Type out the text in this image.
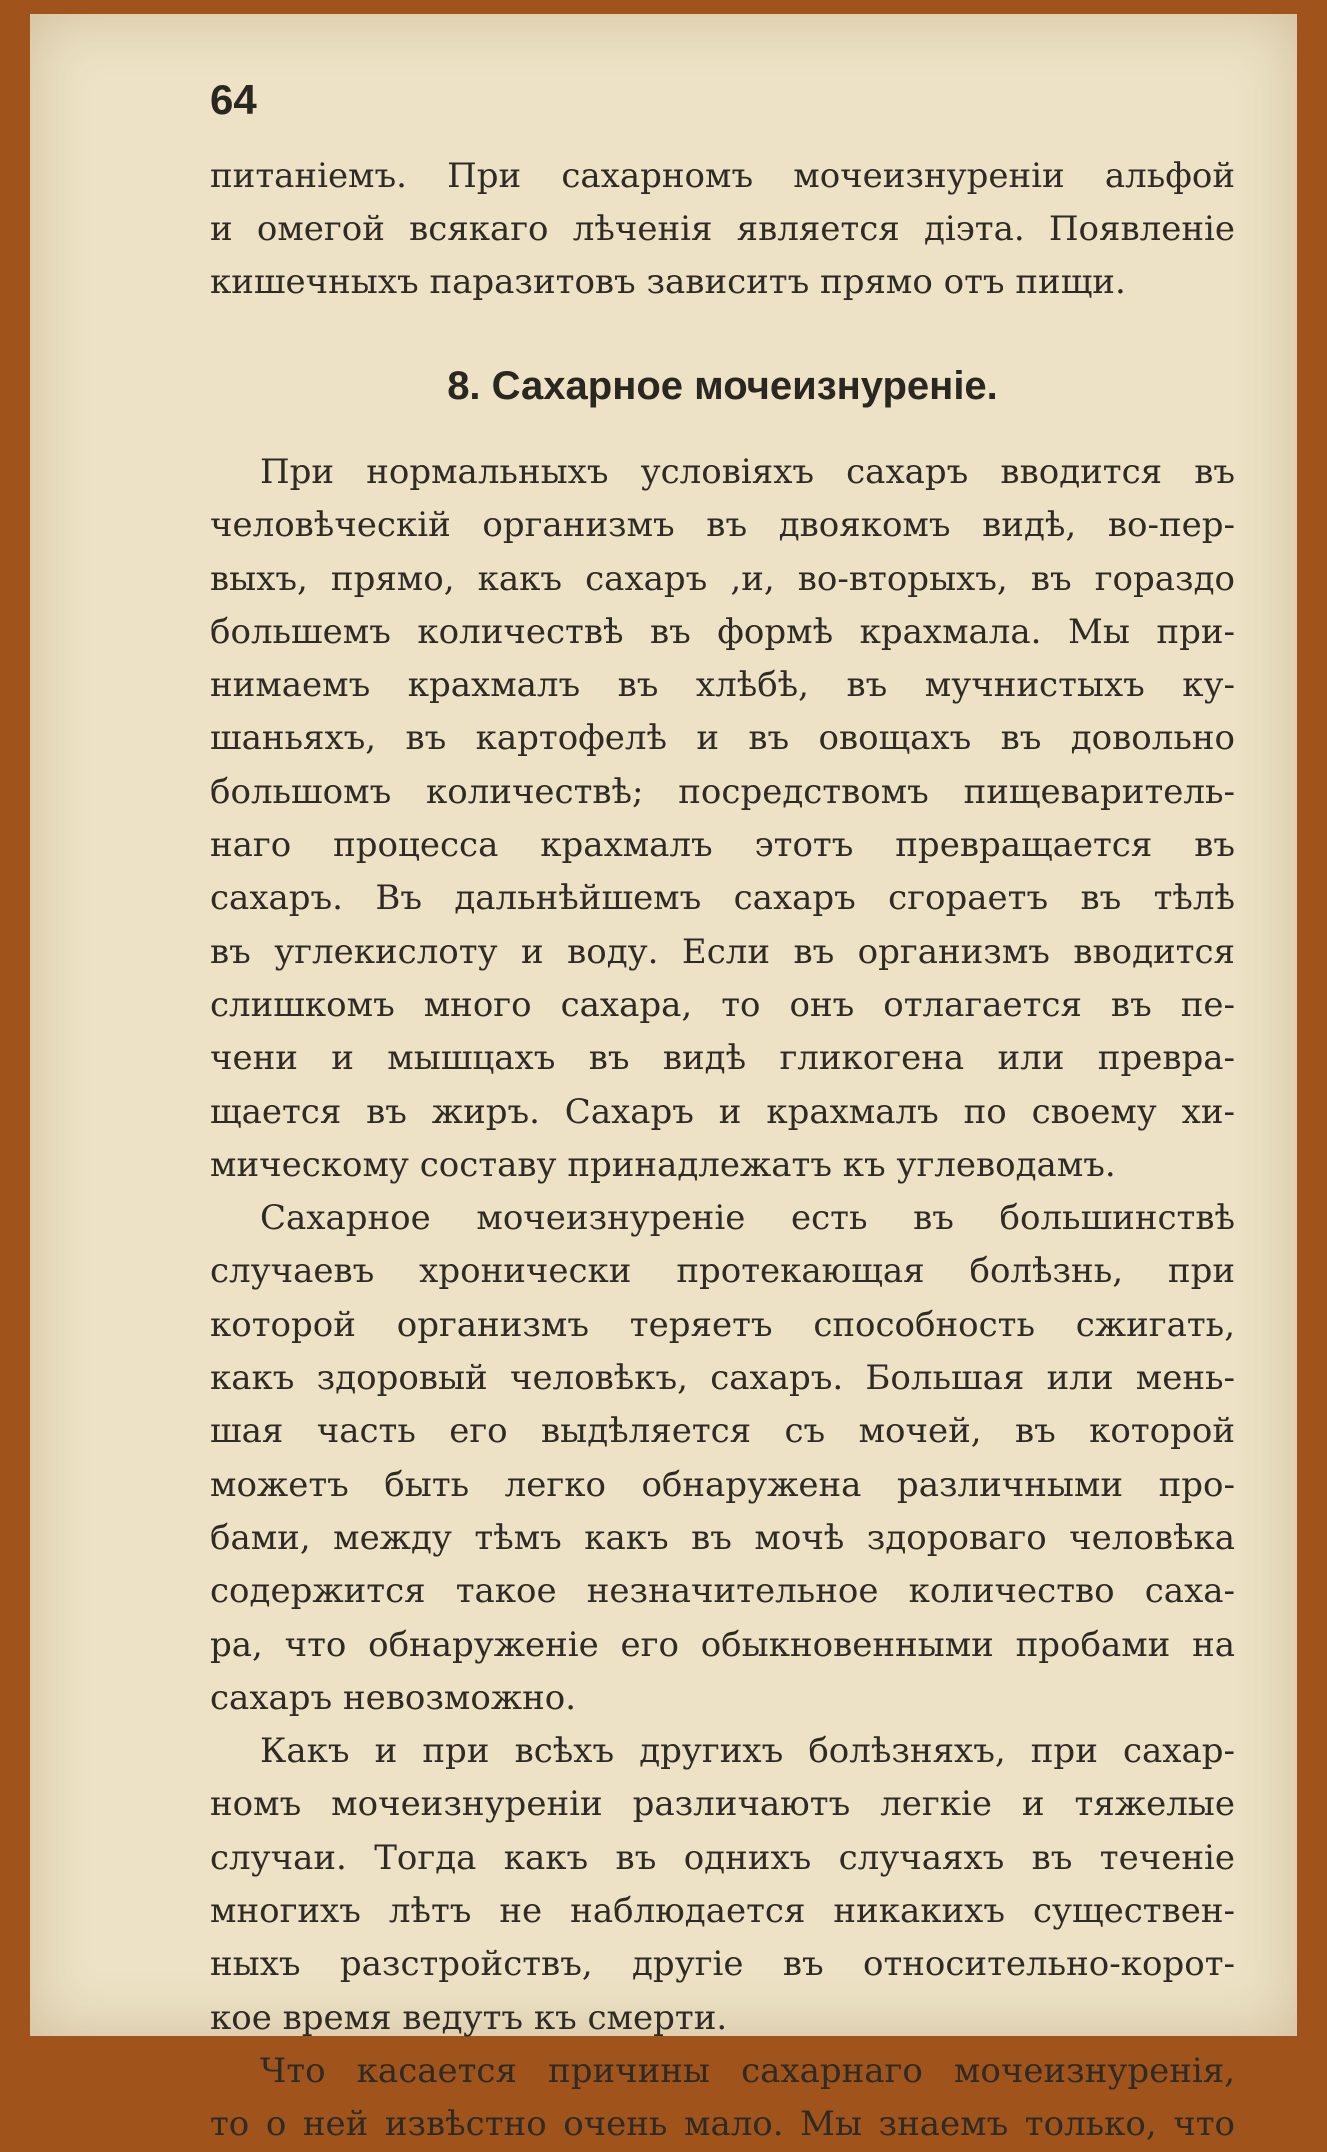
64

питаніемъ. При сахарномъ мочеизнуреніи альфой
и омегой всякаго лѣченія является діэта. Появленіе
кишечныхъ паразитовъ зависитъ прямо отъ пищи.
8. Сахарное мочеизнуреніе.
При нормальныхъ условіяхъ сахаръ вводится въ
человѣческій организмъ въ двоякомъ видѣ, во-пер-
выхъ, прямо, какъ сахаръ ,и, во-вторыхъ, въ гораздо
большемъ количествѣ въ формѣ крахмала. Мы при-
нимаемъ крахмалъ въ хлѣбѣ, въ мучнистыхъ ку-
шаньяхъ, въ картофелѣ и въ овощахъ въ довольно
большомъ количествѣ; посредствомъ пищеваритель-
наго процесса крахмалъ этотъ превращается въ
сахаръ. Въ дальнѣйшемъ сахаръ сгораетъ въ тѣлѣ
въ углекислоту и воду. Если въ организмъ вводится
слишкомъ много сахара, то онъ отлагается въ пе-
чени и мышцахъ въ видѣ гликогена или превра-
щается въ жиръ. Сахаръ и крахмалъ по своему хи-
мическому составу принадлежатъ къ углеводамъ.
Сахарное мочеизнуреніе есть въ большинствѣ
случаевъ хронически протекающая болѣзнь, при
которой организмъ теряетъ способность сжигать,
какъ здоровый человѣкъ, сахаръ. Большая или мень-
шая часть его выдѣляется съ мочей, въ которой
можетъ быть легко обнаружена различными про-
бами, между тѣмъ какъ въ мочѣ здороваго человѣка
содержится такое незначительное количество саха-
ра, что обнаруженіе его обыкновенными пробами на
сахаръ невозможно.
Какъ и при всѣхъ другихъ болѣзняхъ, при сахар-
номъ мочеизнуреніи различаютъ легкіе и тяжелые
случаи. Тогда какъ въ однихъ случаяхъ въ теченіе
многихъ лѣтъ не наблюдается никакихъ существен-
ныхъ разстройствъ, другіе въ относительно-корот-
кое время ведутъ къ смерти.
Что касается причины сахарнаго мочеизнуренія,
то о ней извѣстно очень мало. Мы знаемъ только, что
